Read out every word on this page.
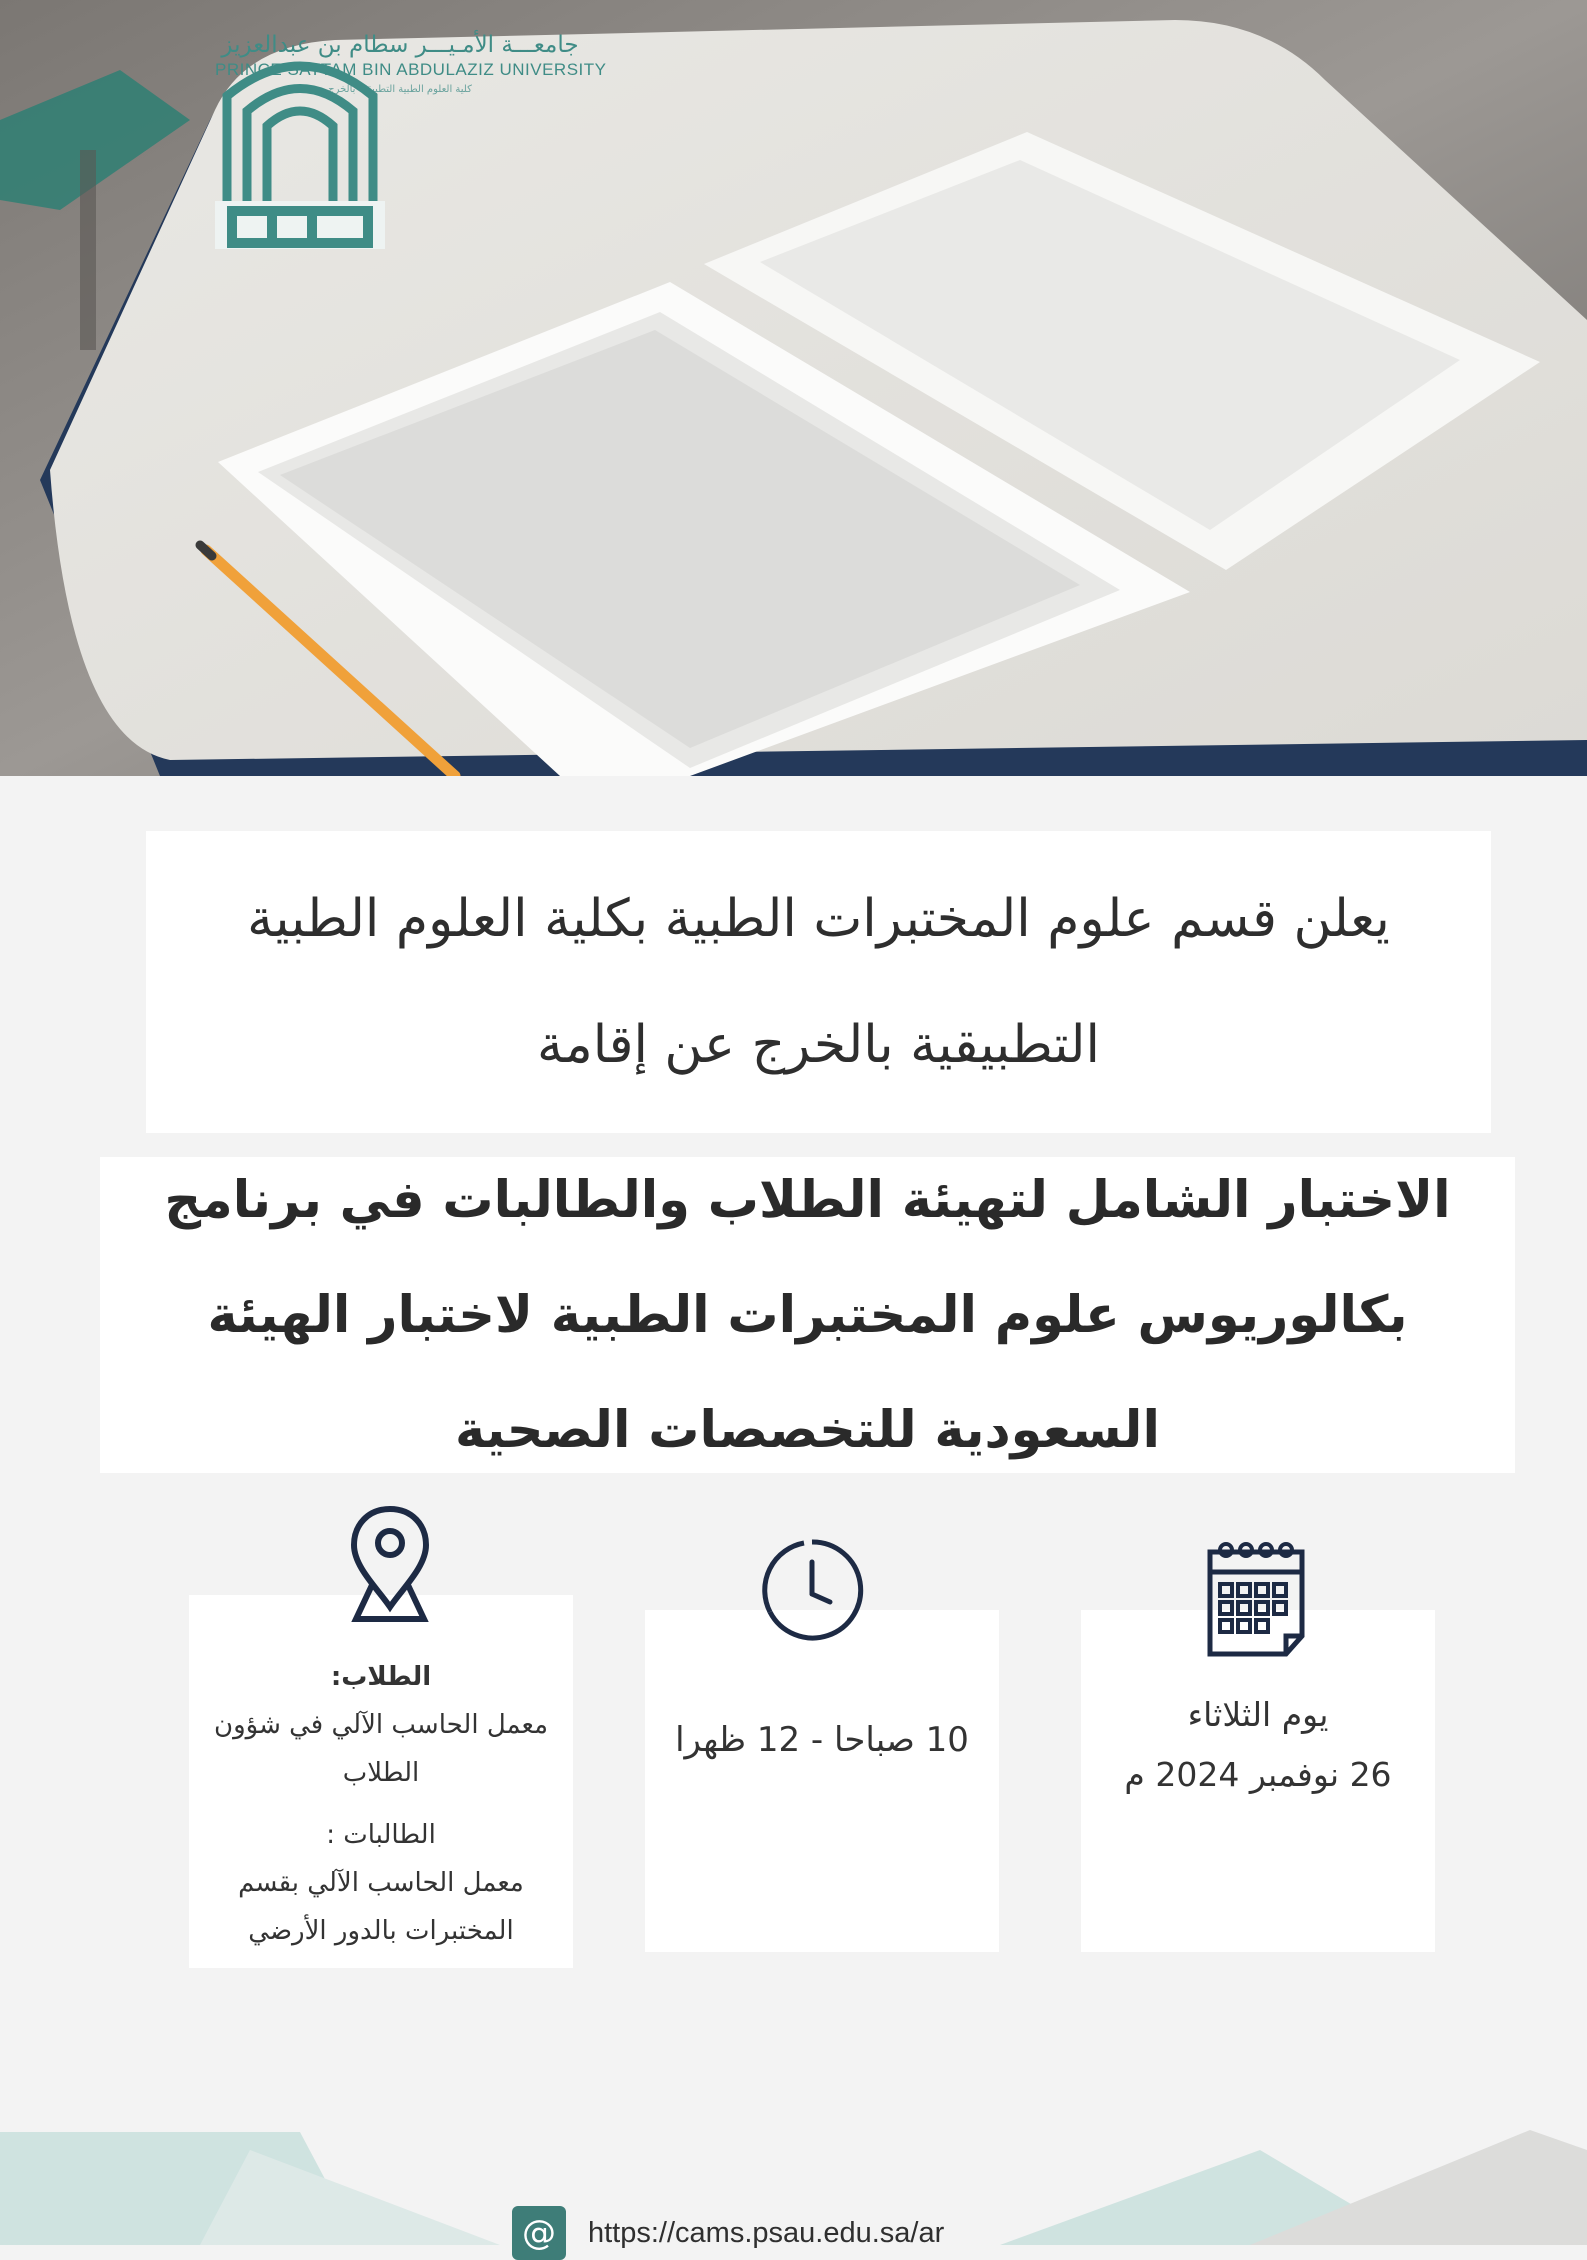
جامعـــة الأمـيـــر سطام بن عبدالعزيز
PRINCE SATTAM BIN ABDULAZIZ UNIVERSITY
كلية العلوم الطبية التطبيقية بالخرج

يعلن قسم علوم المختبرات الطبية بكلية العلوم الطبية التطبيقية بالخرج عن إقامة

الاختبار الشامل لتهيئة الطلاب والطالبات في برنامج بكالوريوس علوم المختبرات الطبية لاختبار الهيئة السعودية للتخصصات الصحية

الطلاب:
معمل الحاسب الآلي في شؤون الطلاب
الطالبات :
معمل الحاسب الآلي بقسم المختبرات بالدور الأرضي
10 صباحا - 12 ظهرا
يوم الثلاثاء
26 نوفمبر 2024 م
@	https://cams.psau.edu.sa/ar
